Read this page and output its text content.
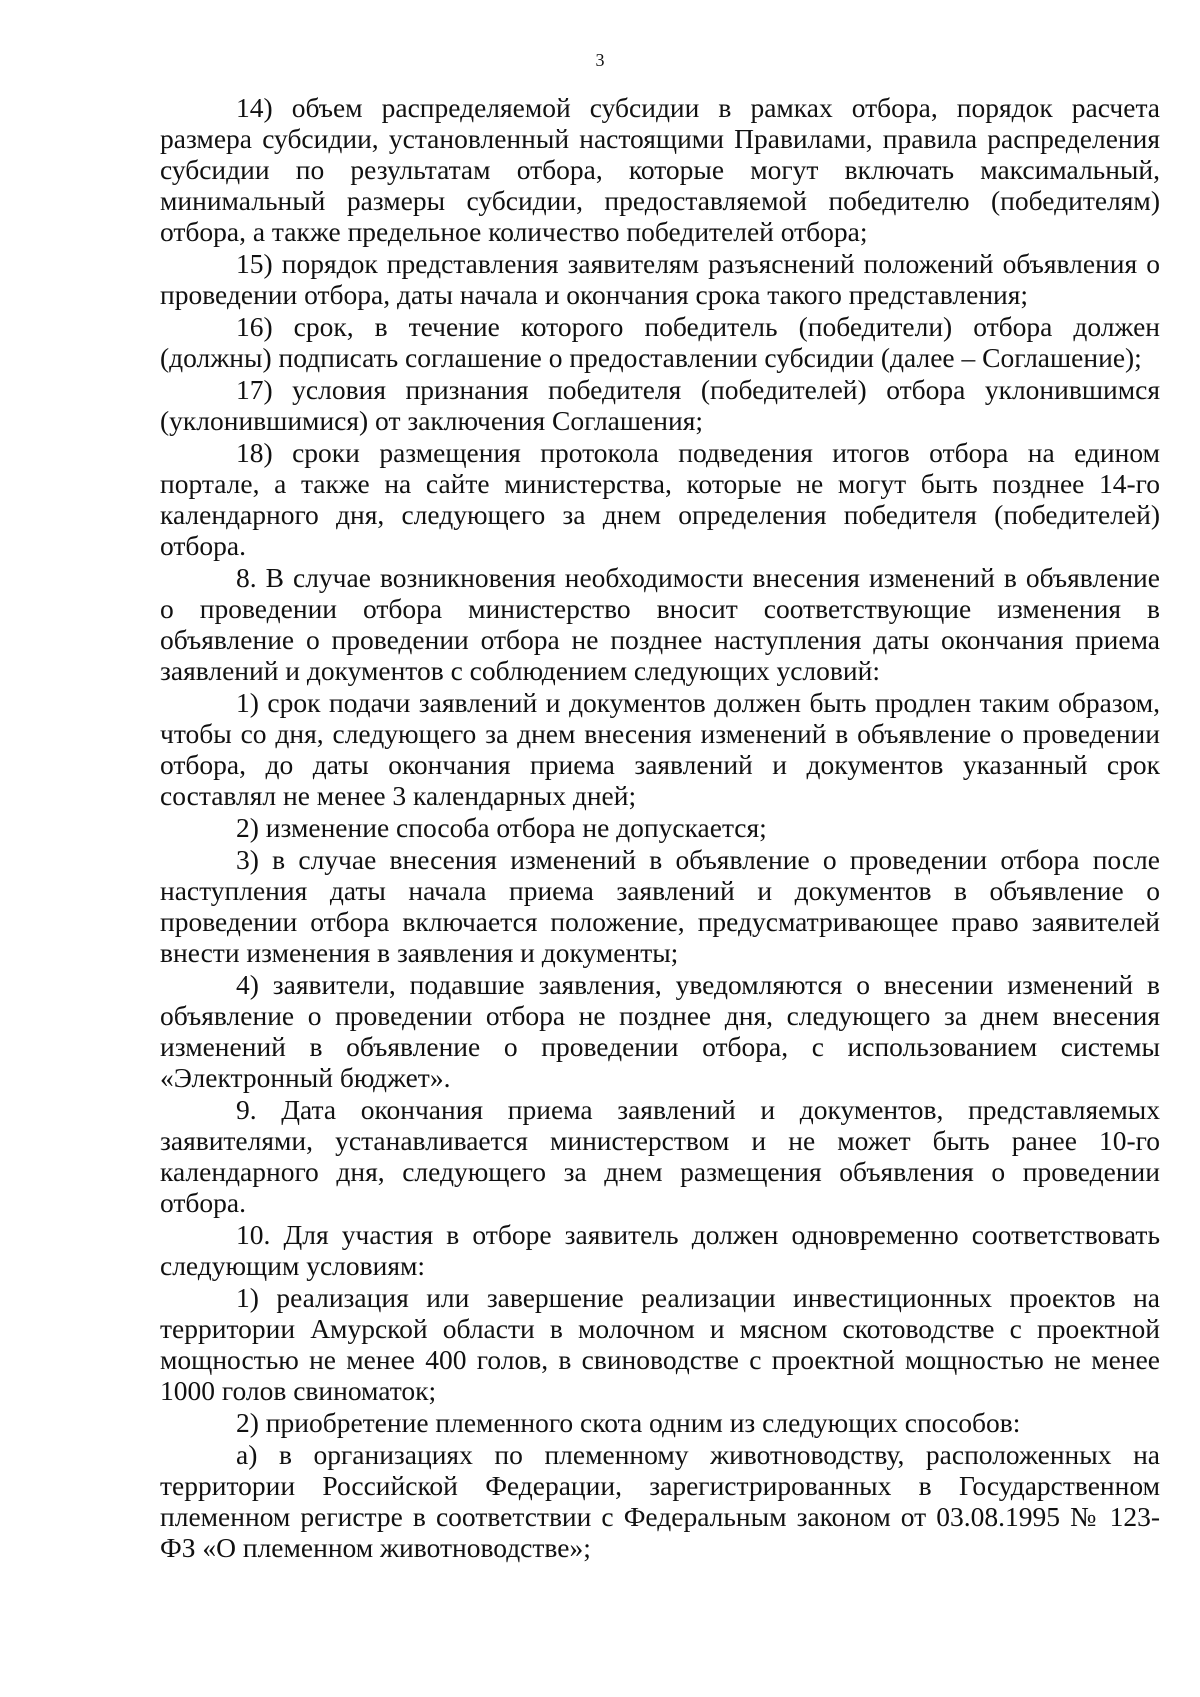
3

14) объем распределяемой субсидии в рамках отбора, порядок расчета размера субсидии, установленный настоящими Правилами, правила распределения субсидии по результатам отбора, которые могут включать максимальный, минимальный размеры субсидии, предоставляемой победителю (победителям) отбора, а также предельное количество победителей отбора;

15) порядок представления заявителям разъяснений положений объявления о проведении отбора, даты начала и окончания срока такого представления;

16) срок, в течение которого победитель (победители) отбора должен (должны) подписать соглашение о предоставлении субсидии (далее – Соглашение);

17) условия признания победителя (победителей) отбора уклонившимся (уклонившимися) от заключения Соглашения;

18) сроки размещения протокола подведения итогов отбора на едином портале, а также на сайте министерства, которые не могут быть позднее 14-го календарного дня, следующего за днем определения победителя (победителей) отбора.

8. В случае возникновения необходимости внесения изменений в объявление о проведении отбора министерство вносит соответствующие изменения в объявление о проведении отбора не позднее наступления даты окончания приема заявлений и документов с соблюдением следующих условий:

1) срок подачи заявлений и документов должен быть продлен таким образом, чтобы со дня, следующего за днем внесения изменений в объявление о проведении отбора, до даты окончания приема заявлений и документов указанный срок составлял не менее 3 календарных дней;

2) изменение способа отбора не допускается;

3) в случае внесения изменений в объявление о проведении отбора после наступления даты начала приема заявлений и документов в объявление о проведении отбора включается положение, предусматривающее право заявителей внести изменения в заявления и документы;

4) заявители, подавшие заявления, уведомляются о внесении изменений в объявление о проведении отбора не позднее дня, следующего за днем внесения изменений в объявление о проведении отбора, с использованием системы «Электронный бюджет».

9. Дата окончания приема заявлений и документов, представляемых заявителями, устанавливается министерством и не может быть ранее 10-го календарного дня, следующего за днем размещения объявления о проведении отбора.

10. Для участия в отборе заявитель должен одновременно соответствовать следующим условиям:

1) реализация или завершение реализации инвестиционных проектов на территории Амурской области в молочном и мясном скотоводстве с проектной мощностью не менее 400 голов, в свиноводстве с проектной мощностью не менее 1000 голов свиноматок;

2) приобретение племенного скота одним из следующих способов:

а) в организациях по племенному животноводству, расположенных на территории Российской Федерации, зарегистрированных в Государственном племенном регистре в соответствии с Федеральным законом от 03.08.1995 № 123-ФЗ «О племенном животноводстве»;
